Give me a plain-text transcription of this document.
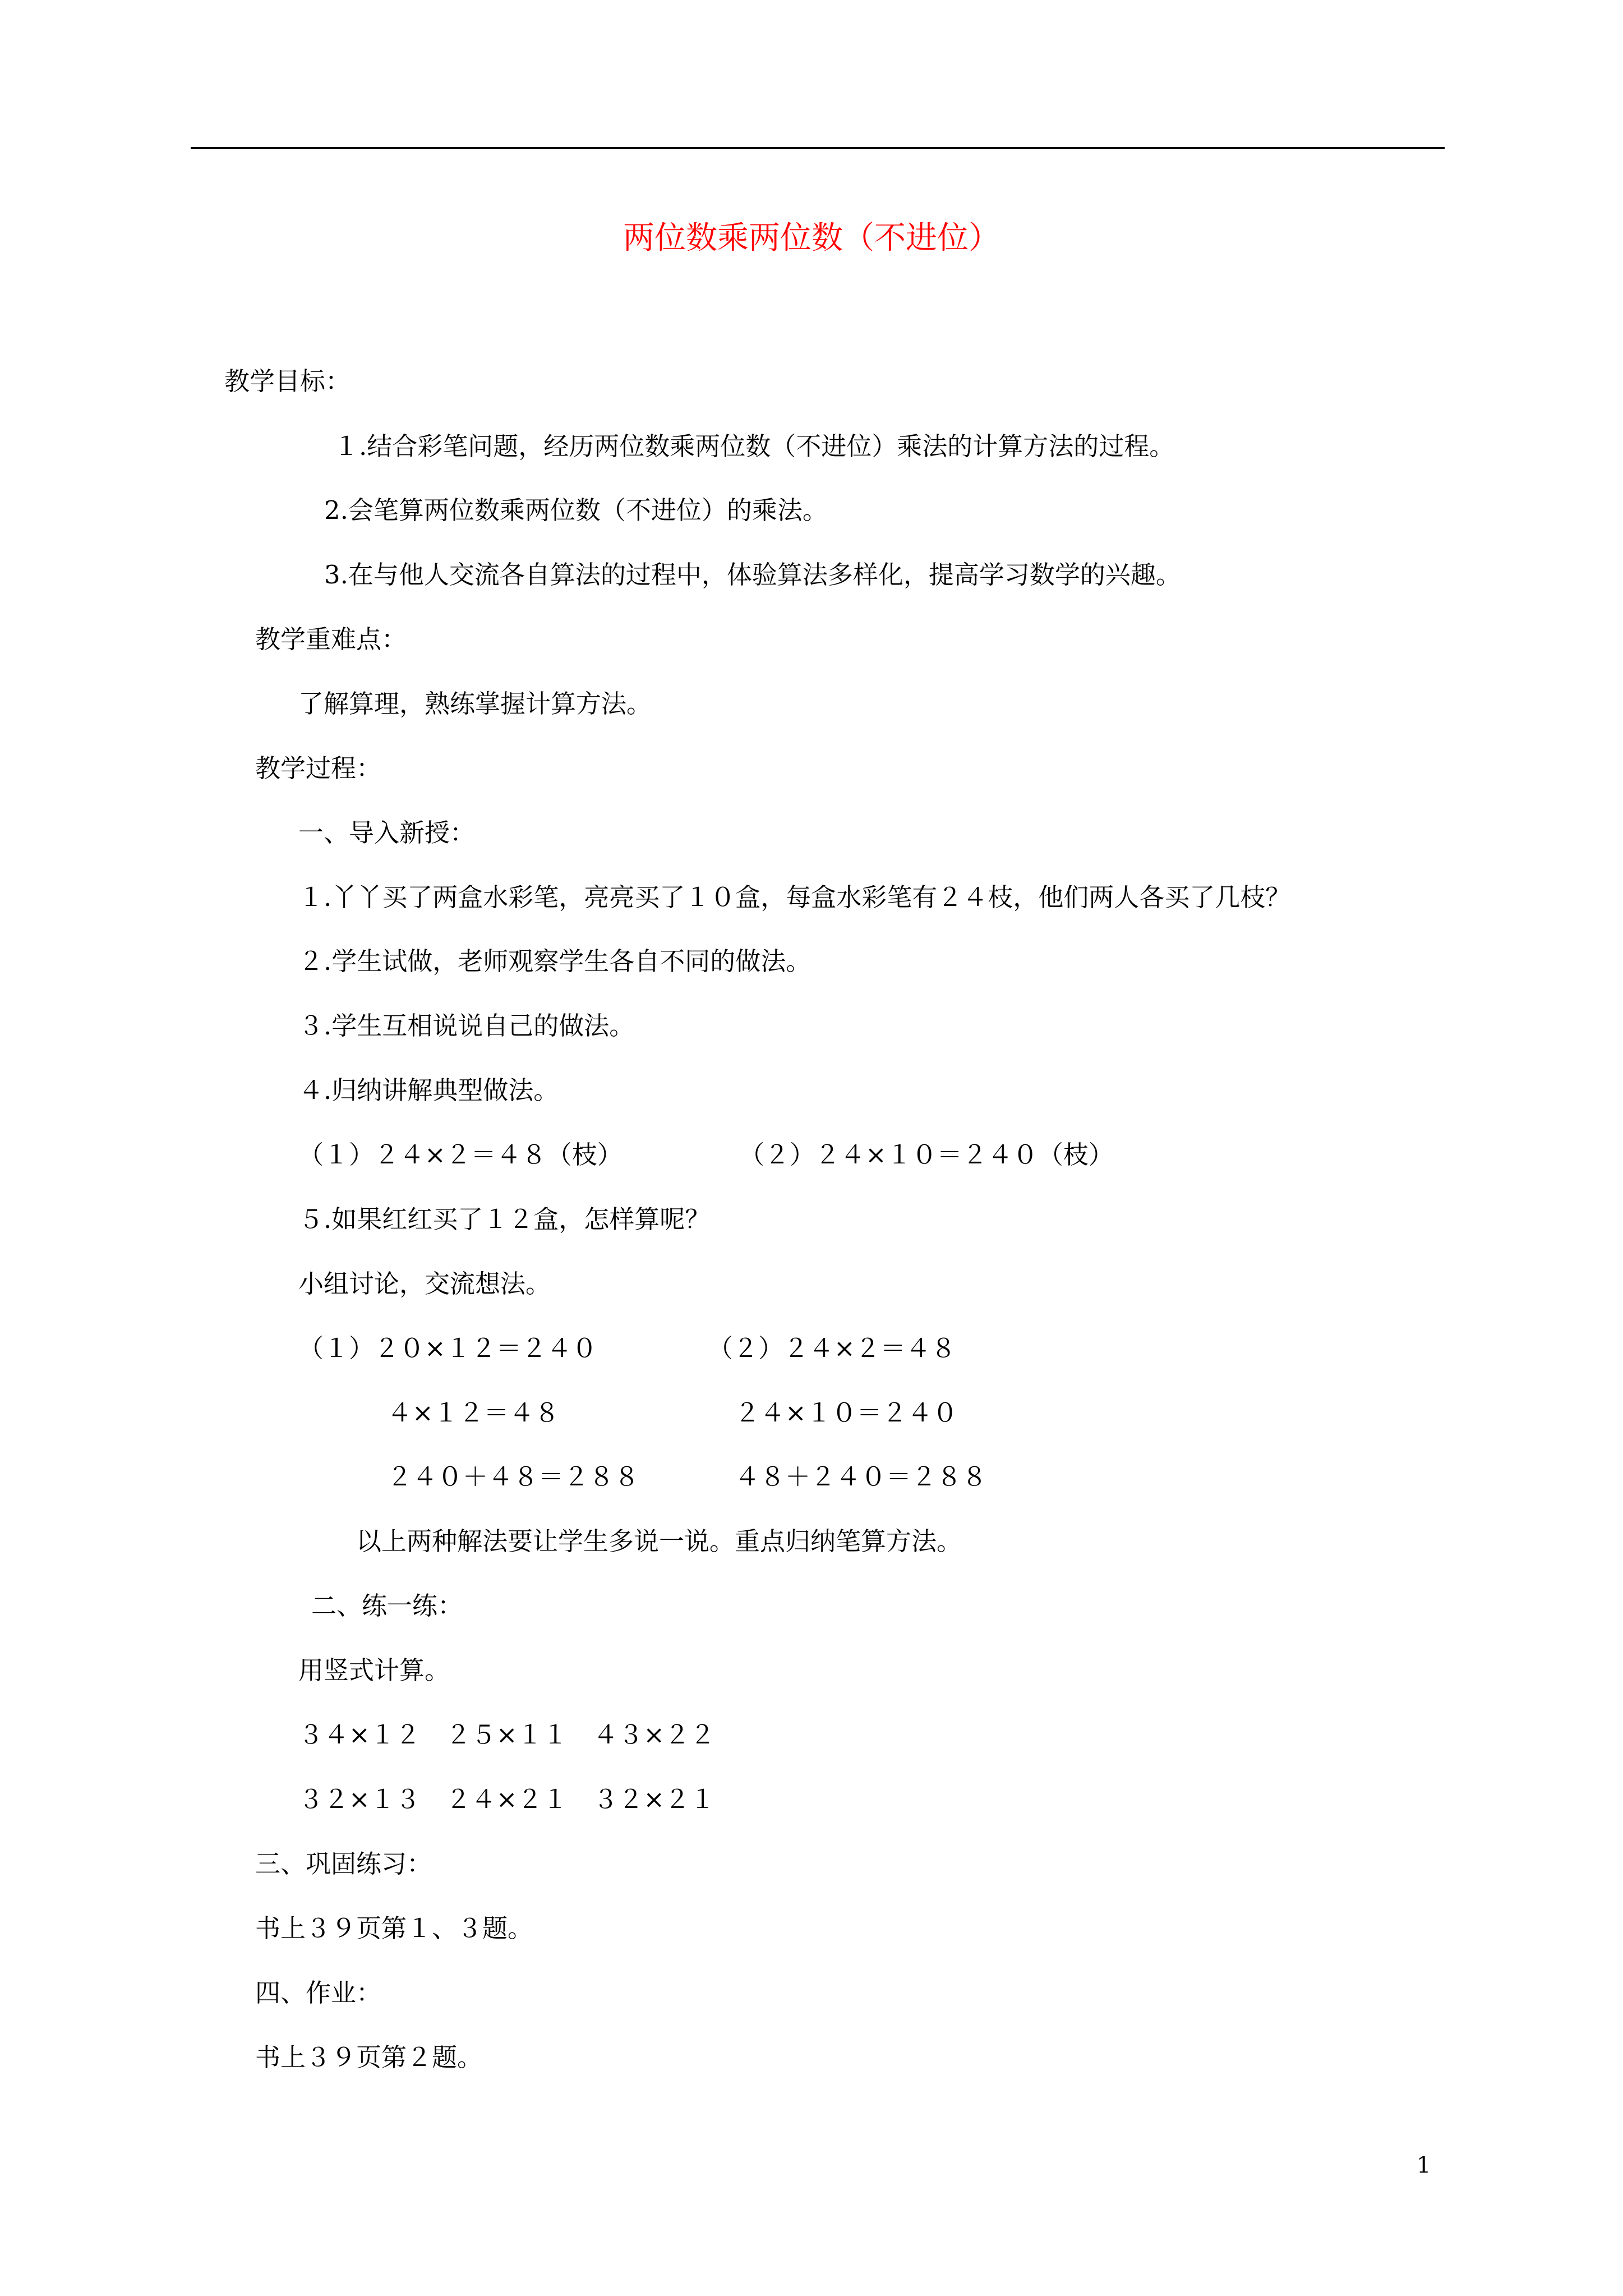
两位数乘两位数（不进位）
教学目标：
１.结合彩笔问题，经历两位数乘两位数（不进位）乘法的计算方法的过程。
2.会笔算两位数乘两位数（不进位）的乘法。
3.在与他人交流各自算法的过程中，体验算法多样化，提高学习数学的兴趣。
教学重难点：
了解算理，熟练掌握计算方法。
教学过程：
一、导入新授：
１.丫丫买了两盒水彩笔，亮亮买了１０盒，每盒水彩笔有２４枝，他们两人各买了几枝？
２.学生试做，老师观察学生各自不同的做法。
３.学生互相说说自己的做法。
４.归纳讲解典型做法。
（１）２４×２＝４８（枝）	（２）２４×１０＝２４０（枝）
５.如果红红买了１２盒，怎样算呢？
小组讨论，交流想法。
（１）２０×１２＝２４０	（２）２４×２＝４８
４×１２＝４８	２４×１０＝２４０
２４０＋４８＝２８８	４８＋２４０＝２８８
以上两种解法要让学生多说一说。重点归纳笔算方法。
二、练一练：
用竖式计算。
３４×１２　２５×１１　４３×２２
３２×１３　２４×２１　３２×２１
三、巩固练习：
书上３９页第１、３题。
四、作业：
书上３９页第２题。
1
